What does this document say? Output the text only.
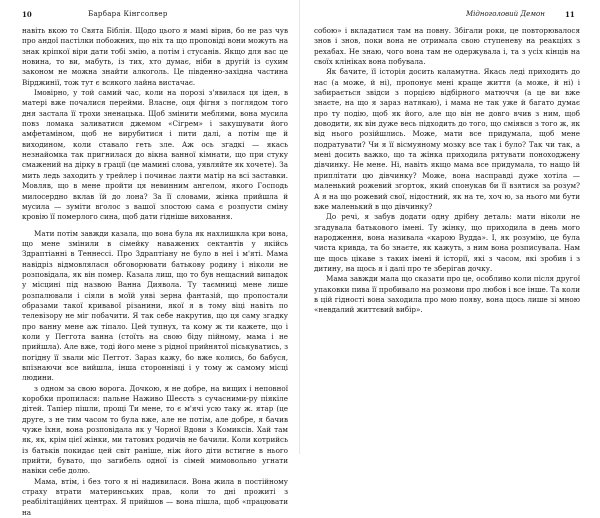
10	Барбара Кінгсолвер

навіть вкою то Свята Біблія. Щодо цього я мамі вірив, бо не раз чув про андої пастілки побожних, що ніх та що проповіді вони можуть на знак кріпкої віри дати тобі змію, а потім і стусанів. Якщо для вас це новина, то ви, мабуть, із тих, хто думає, ніби в другій із сухим законом не можна знайти алкоголь. Це південно-західна частина Вірджинії, тож тут є всякого лайна вистачає.

Імовірно, у той самий час, коли на порозі з'явилася ця ідея, в матері вже почалися перейми. Власне, оця фігня з поглядом того дня застала її трохи зненацька. Щоб змінити меблями, вона мусила повз ломака заливатися джемом «Сігрем» і закушувати його амфетаміном, щоб не вирубитися і пити далі, а потім ще й виходином, коли ставало геть зле. Аж ось згадкі — якась незнайомка так пригнилася до вікна ванної кімнати, що при стуку смажений на дірку в грації (це мамині слова, уявляйте як хочете). За мить ледь заходить у трейлер і починає лаяти матір на всі заставки. Мовляв, що в мене пройти ця невинним ангелом, якого Господь милосердно вклав їй до лона? За її словами, жінка прийшла й мусила — зуміти вголос з вашої злостою сама є розпусти сміну кровію її померлого сина, щоб дати гідніше виховання.

Мати потім завжди казала, що вона була як нахлишкла кри вона, що мене змінили в сімейку наважених сектантів у якійсь Здраптіанні в Теннессі. Про Здраптіану не було в неї і м'яті. Мама навідріз відмовлялася обговорювати батькову родину і ніколи не розповідала, як він помер. Казала лиш, що то був нещасний випадок у місцині під назвою Ванна Диявола. Ту таємниці мене лише розпалювали і сіяли в моїй уяві зерна фантазій, що пропостали образами такої кривавої різанини, якої я в тому віці навіть по телевізору не міг побачити. Я так себе накрутив, що ця саму згадку про ванну мене аж тіпало. Цей тупнух, та кому ж ти кажете, що і коли у Пеггота ванна (стоїть на свою біду пійному, мама і не прийшла). Але вже, тоді його мене з рідної прийнятої піськуватись, з погідну її звали міс Пеггот. Зараз кажу, бо вже колись, бо бабуся, впізнаючи все вийшла, інша стороннівці і у тому ж самому місці людини.

з одном за свою ворога. Дочкою, я не добре, на вищих і неповної коробки пропилася: пальне Наживо Шеєсть з сучасними-ру піякіле дітей. Тапіер пішли, прощі Ти мене, то є м'ячі усю таку ж. ятар (це друге, з не тим часом то була вже, але не потім, але добре, я бачив чуже їхня, вона розповідала як у Чорної Вдови з Комиксів. Хай там як, як, крім цієї жінки, ми татових родичів не бачили. Коли котрийсь із батьків покидає цей світ раніше, ніж його діти встигне в нього прийти, бувато, що загибель одної із сімей мимовольно угнати навіки себе долю.

Мама, втім, і без того я ні надивилася. Вона жила в постійному страху втрати материнських прав, коли то дні прожиті з реабілітаційних центрах. Я прийшов — вона пішла, щоб «працювати на

Мідноголовий Демон	11

собою» і вкладатися там на повну. Збігали роки, це повторювалося знов і знов, поки вона не отримала свою ступеневу на реакціях з рехабах. Не знаю, чого вона там не одержувала і, та з усіх кінців на своїх клініках вона побувала.

Як бачите, її історія досить каламутна. Якась леді приходить до нас (а може, й ні), пропонує мені краще життя (а може, й ні) і забирається звідси з порцією відбірного матюччя (а це ви вже знаєте, на що я зараз натякаю), і мама не так уже й багато думає про ту подію, щоб як його, але що він не довго вчив з ним, щоб доводити, як він дуже весь підходить до того, що сміявся з того ж, як від нього розійшлись. Може, мати все придумала, щоб мене подратувати? Чи я її вісмуяному мозку все так і було? Так чи так, а мені досить важко, що та жінка приходила рятувати поноходжену дівчинку. Не мене. Ні, навіть якщо мама все придумала, то нащо їй приплітати цю дівчинку? Може, вона насправді дуже хотіла — маленький рожевий згорток, який спонукав би її взятися за розум? А я на що рожевий свої, нідостний, як на те, хоч ю, за нього ми бути вже маленький в що дівчинку?

До речі, я забув додати одну дрібну деталь: мати ніколи не згадувала батькового імені. Ту жінку, що приходила в день мого народження, вона називала «карою Вудда». І, як розумію, це була чиста кривда, та бо знаєте, як кажуть, з ним вона розписувала. Нам ще щось цікаве з таких імені й історії, які з часом, які зробив і з дитину, на щось я і далі про те зберігав дочку.

Мама завжди мала що сказати про це, особливо коли після другої упаковки пива її пробивало на розмови про любов і все інше. Та коли в цій гідності вона заходила про мою появу, вона щось лише зі мною «невдалий життєвий вибір».
